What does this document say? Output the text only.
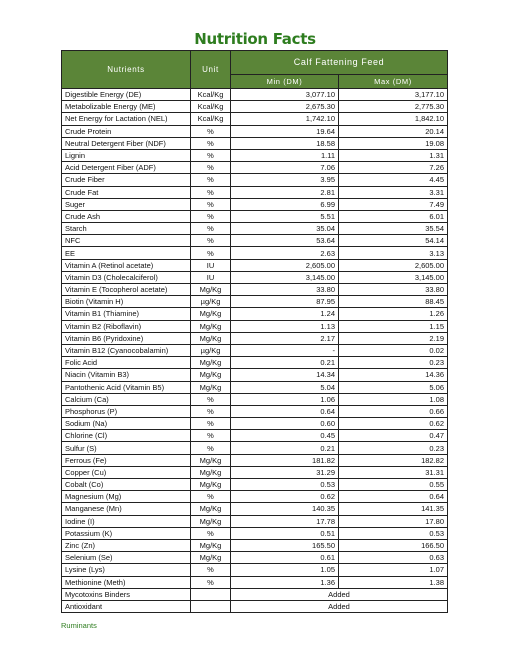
Nutrition Facts
Nutrients	Unit	Calf Fattening Feed	
		Min (DM)	Max (DM)
Digestible Energy (DE)	Kcal/Kg	3,077.10	3,177.10
Metabolizable Energy (ME)	Kcal/Kg	2,675.30	2,775.30
Net Energy for Lactation (NEL)	Kcal/Kg	1,742.10	1,842.10
Crude Protein	%	19.64	20.14
Neutral Detergent Fiber (NDF)	%	18.58	19.08
Lignin	%	1.11	1.31
Acid Detergent Fiber (ADF)	%	7.06	7.26
Crude Fiber	%	3.95	4.45
Crude Fat	%	2.81	3.31
Suger	%	6.99	7.49
Crude Ash	%	5.51	6.01
Starch	%	35.04	35.54
NFC	%	53.64	54.14
EE	%	2.63	3.13
Vitamin A (Retinol acetate)	IU	2,605.00	2,605.00
Vitamin D3 (Cholecalciferol)	IU	3,145.00	3,145.00
Vitamin E (Tocopherol acetate)	Mg/Kg	33.80	33.80
Biotin (Vitamin H)	µg/Kg	87.95	88.45
Vitamin B1 (Thiamine)	Mg/Kg	1.24	1.26
Vitamin B2 (Riboflavin)	Mg/Kg	1.13	1.15
Vitamin B6 (Pyridoxine)	Mg/Kg	2.17	2.19
Vitamin B12 (Cyanocobalamin)	µg/Kg	-	0.02
Folic Acid	Mg/Kg	0.21	0.23
Niacin (Vitamin B3)	Mg/Kg	14.34	14.36
Pantothenic Acid (Vitamin B5)	Mg/Kg	5.04	5.06
Calcium (Ca)	%	1.06	1.08
Phosphorus (P)	%	0.64	0.66
Sodium (Na)	%	0.60	0.62
Chlorine (Cl)	%	0.45	0.47
Sulfur (S)	%	0.21	0.23
Ferrous (Fe)	Mg/Kg	181.82	182.82
Copper (Cu)	Mg/Kg	31.29	31.31
Cobalt (Co)	Mg/Kg	0.53	0.55
Magnesium (Mg)	%	0.62	0.64
Manganese (Mn)	Mg/Kg	140.35	141.35
Iodine (I)	Mg/Kg	17.78	17.80
Potassium (K)	%	0.51	0.53
Zinc (Zn)	Mg/Kg	165.50	166.50
Selenium (Se)	Mg/Kg	0.61	0.63
Lysine (Lys)	%	1.05	1.07
Methionine (Meth)	%	1.36	1.38
Mycotoxins Binders		Added	
Antioxidant		Added	
Ruminants
